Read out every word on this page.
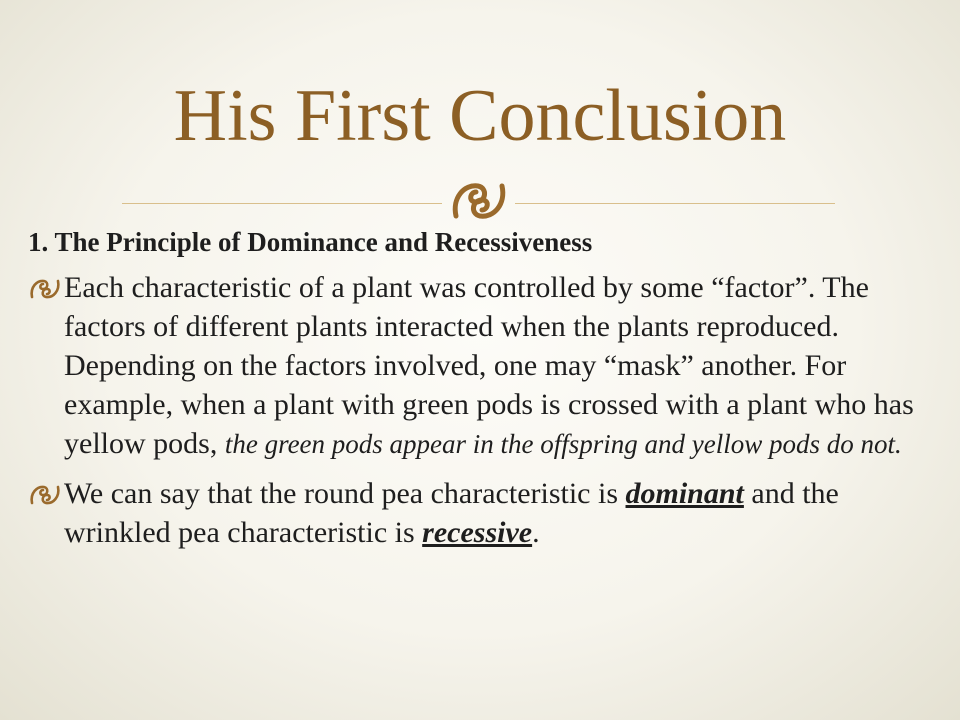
His First Conclusion
1. The Principle of Dominance and Recessiveness
Each characteristic of a plant was controlled by some “factor”. The factors of different plants interacted when the plants reproduced. Depending on the factors involved, one may “mask” another. For example, when a plant with green pods is crossed with a plant who has yellow pods, the green pods appear in the offspring and yellow pods do not.
We can say that the round pea characteristic is dominant and the wrinkled pea characteristic is recessive.
